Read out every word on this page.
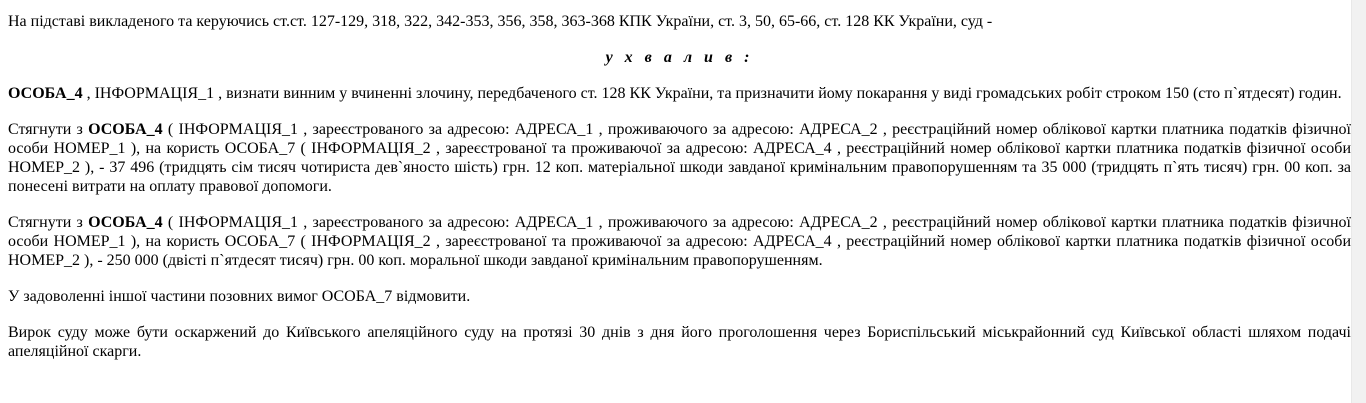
На підставі викладеного та керуючись ст.ст. 127-129, 318, 322, 342-353, 356, 358, 363-368 КПК України, ст. 3, 50, 65-66, ст. 128 КК України, суд -

у х в а л и в :

ОСОБА_4 , ІНФОРМАЦІЯ_1 , визнати винним у вчиненні злочину, передбаченого ст. 128 КК України, та призначити йому покарання у виді громадських робіт строком 150 (сто п`ятдесят) годин.

Стягнути з ОСОБА_4 ( ІНФОРМАЦІЯ_1 , зареєстрованого за адресою: АДРЕСА_1 , проживаючого за адресою: АДРЕСА_2 , реєстраційний номер облікової картки платника податків фізичної особи НОМЕР_1 ), на користь ОСОБА_7 ( ІНФОРМАЦІЯ_2 , зареєстрованої та проживаючої за адресою: АДРЕСА_4 , реєстраційний номер облікової картки платника податків фізичної особи НОМЕР_2 ), - 37 496 (тридцять сім тисяч чотириста дев`яносто шість) грн. 12 коп. матеріальної шкоди завданої кримінальним правопорушенням та 35 000 (тридцять п`ять тисяч) грн. 00 коп. за понесені витрати на оплату правової допомоги.

Стягнути з ОСОБА_4 ( ІНФОРМАЦІЯ_1 , зареєстрованого за адресою: АДРЕСА_1 , проживаючого за адресою: АДРЕСА_2 , реєстраційний номер облікової картки платника податків фізичної особи НОМЕР_1 ), на користь ОСОБА_7 ( ІНФОРМАЦІЯ_2 , зареєстрованої та проживаючої за адресою: АДРЕСА_4 , реєстраційний номер облікової картки платника податків фізичної особи НОМЕР_2 ), - 250 000 (двісті п`ятдесят тисяч) грн. 00 коп. моральної шкоди завданої кримінальним правопорушенням.

У задоволенні іншої частини позовних вимог ОСОБА_7 відмовити.

Вирок суду може бути оскаржений до Київського апеляційного суду на протязі 30 днів з дня його проголошення через Бориспільський міськрайонний суд Київської області шляхом подачі апеляційної скарги.
